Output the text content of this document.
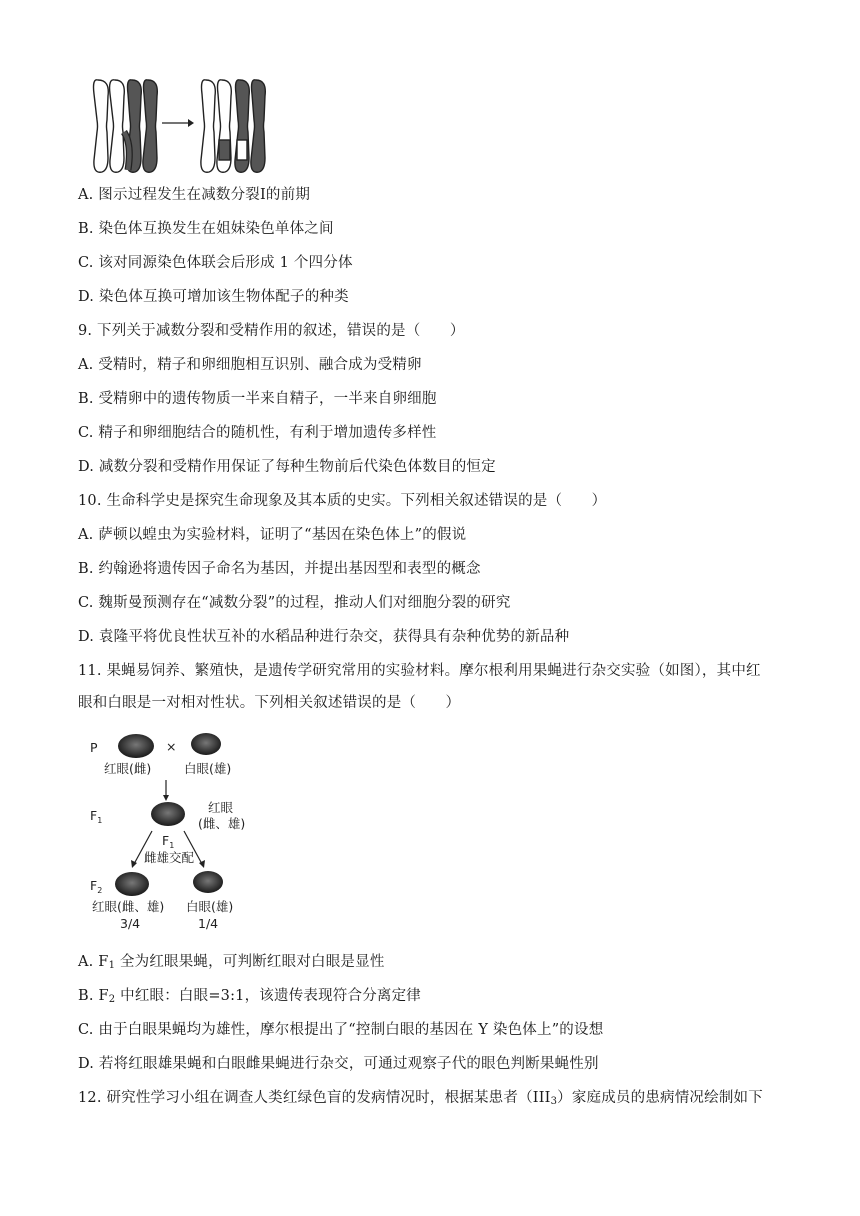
A. 图示过程发生在减数分裂Ⅰ的前期
B. 染色体互换发生在姐妹染色单体之间
C. 该对同源染色体联会后形成 1 个四分体
D. 染色体互换可增加该生物体配子的种类
9. 下列关于减数分裂和受精作用的叙述，错误的是（　　）
A. 受精时，精子和卵细胞相互识别、融合成为受精卵
B. 受精卵中的遗传物质一半来自精子，一半来自卵细胞
C. 精子和卵细胞结合的随机性，有利于增加遗传多样性
D. 减数分裂和受精作用保证了每种生物前后代染色体数目的恒定
10. 生命科学史是探究生命现象及其本质的史实。下列相关叙述错误的是（　　）
A. 萨顿以蝗虫为实验材料，证明了“基因在染色体上”的假说
B. 约翰逊将遗传因子命名为基因，并提出基因型和表型的概念
C. 魏斯曼预测存在“减数分裂”的过程，推动人们对细胞分裂的研究
D. 袁隆平将优良性状互补的水稻品种进行杂交，获得具有杂种优势的新品种
11. 果蝇易饲养、繁殖快，是遗传学研究常用的实验材料。摩尔根利用果蝇进行杂交实验（如图），其中红
眼和白眼是一对相对性状。下列相关叙述错误的是（　　）
P	×
红眼(雌)	白眼(雄)
$F_1$
红眼
(雌、雄)
$F_1$
雌雄交配
$F_2$
红眼(雌、雄) 白眼(雄)
3/4	1/4
A. $F_1$ 全为红眼果蝇，可判断红眼对白眼是显性
B. $F_2$ 中红眼：白眼=3:1，该遗传表现符合分离定律
C. 由于白眼果蝇均为雄性，摩尔根提出了“控制白眼的基因在 Y 染色体上”的设想
D. 若将红眼雄果蝇和白眼雌果蝇进行杂交，可通过观察子代的眼色判断果蝇性别
12. 研究性学习小组在调查人类红绿色盲的发病情况时，根据某患者$(III_3)$家庭成员的患病情况绘制如下
